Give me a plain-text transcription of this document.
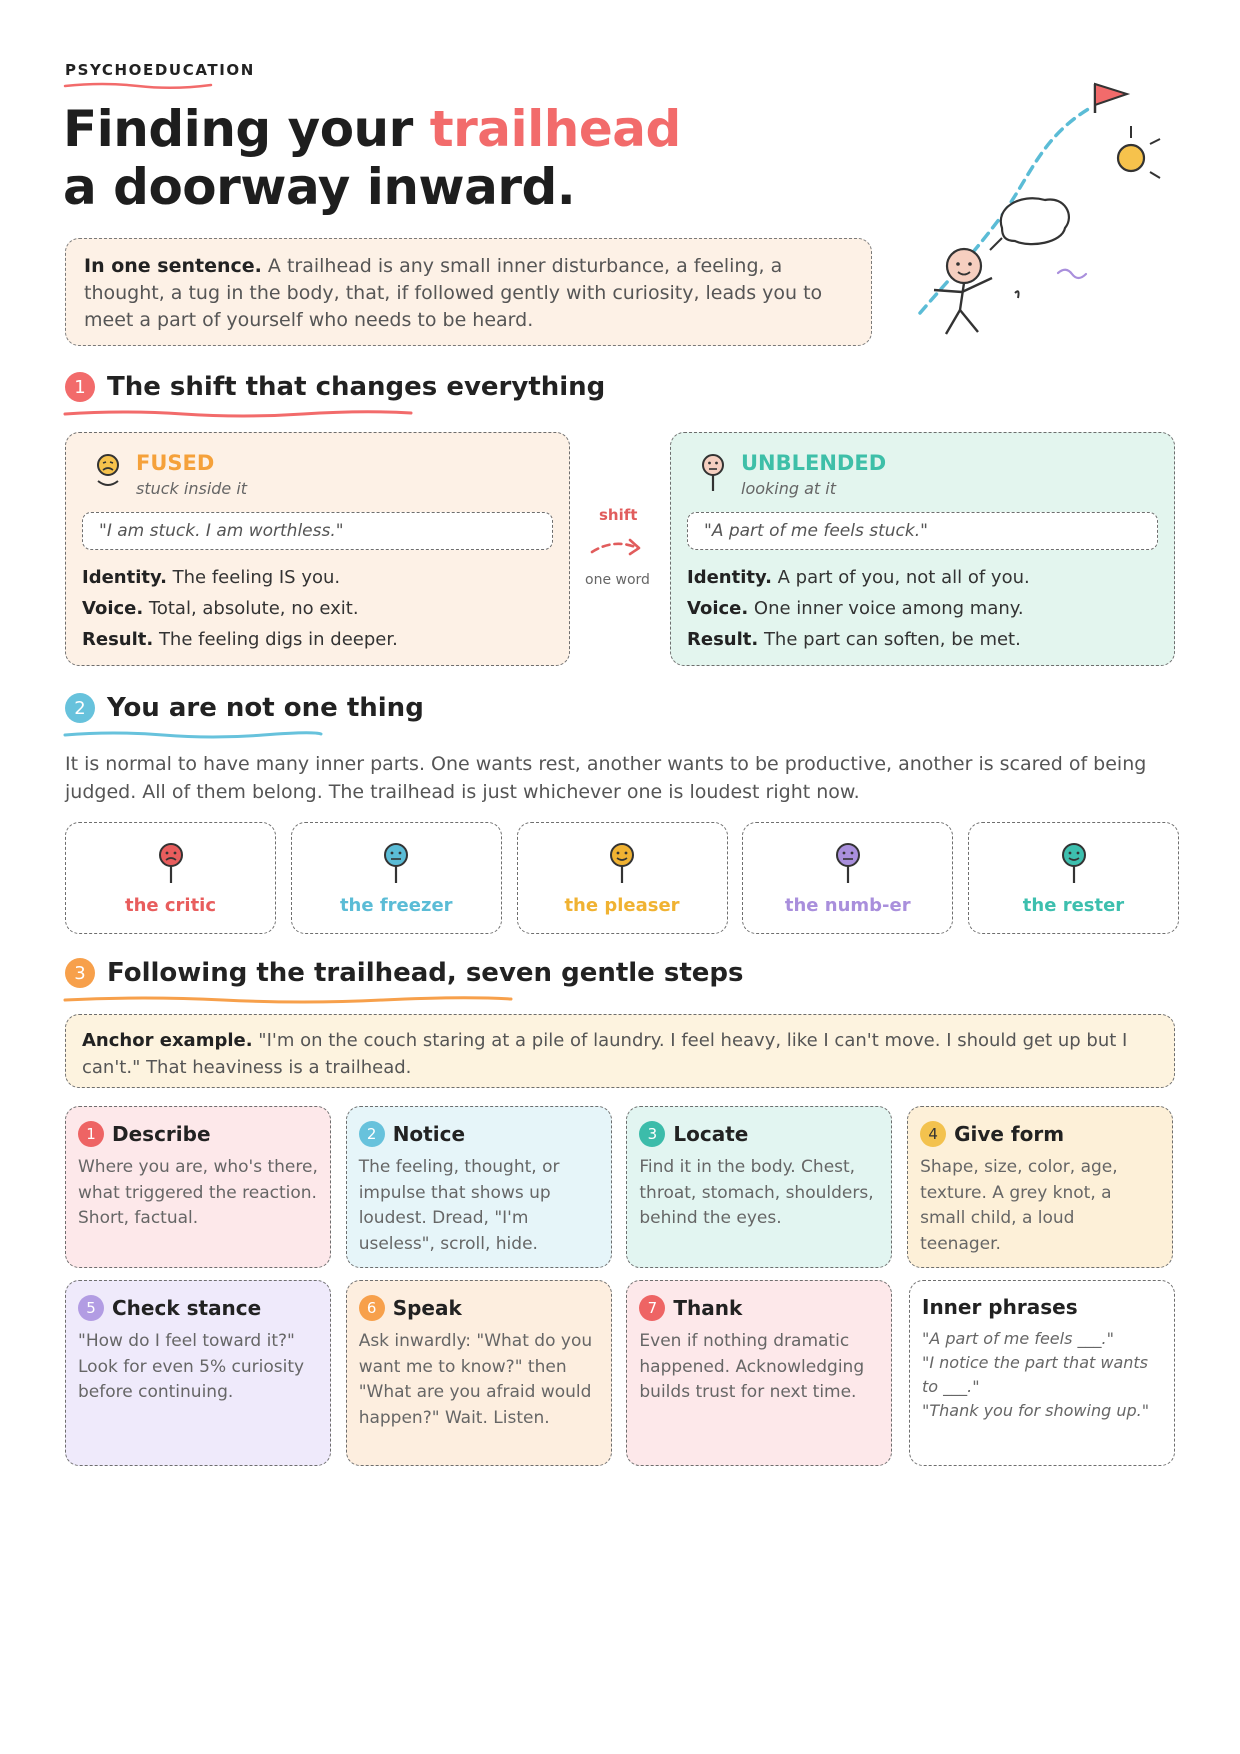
PSYCHOEDUCATION
Finding your trailhead
a doorway inward.
In one sentence. A trailhead is any small inner disturbance, a feeling, a thought, a tug in the body, that, if followed gently with curiosity, leads you to meet a part of yourself who needs to be heard.
1 The shift that changes everything
FUSED
stuck inside it
"I am stuck. I am worthless."
Identity. The feeling IS you.
Voice. Total, absolute, no exit.
Result. The feeling digs in deeper.
shift
one word
UNBLENDED
looking at it
"A part of me feels stuck."
Identity. A part of you, not all of you.
Voice. One inner voice among many.
Result. The part can soften, be met.
2 You are not one thing
It is normal to have many inner parts. One wants rest, another wants to be productive, another is scared of being judged. All of them belong. The trailhead is just whichever one is loudest right now.
the critic	the freezer	the pleaser	the numb-er	the rester
3 Following the trailhead, seven gentle steps
Anchor example. "I'm on the couch staring at a pile of laundry. I feel heavy, like I can't move. I should get up but I can't." That heaviness is a trailhead.
1 Describe
Where you are, who's there, what triggered the reaction. Short, factual.
2 Notice
The feeling, thought, or impulse that shows up loudest. Dread, "I'm useless", scroll, hide.
3 Locate
Find it in the body. Chest, throat, stomach, shoulders, behind the eyes.
4 Give form
Shape, size, color, age, texture. A grey knot, a small child, a loud teenager.
5 Check stance
"How do I feel toward it?" Look for even 5% curiosity before continuing.
6 Speak
Ask inwardly: "What do you want me to know?" then "What are you afraid would happen?" Wait. Listen.
7 Thank
Even if nothing dramatic happened. Acknowledging builds trust for next time.
Inner phrases
"A part of me feels ___."
"I notice the part that wants
to ___."
"Thank you for showing up."
